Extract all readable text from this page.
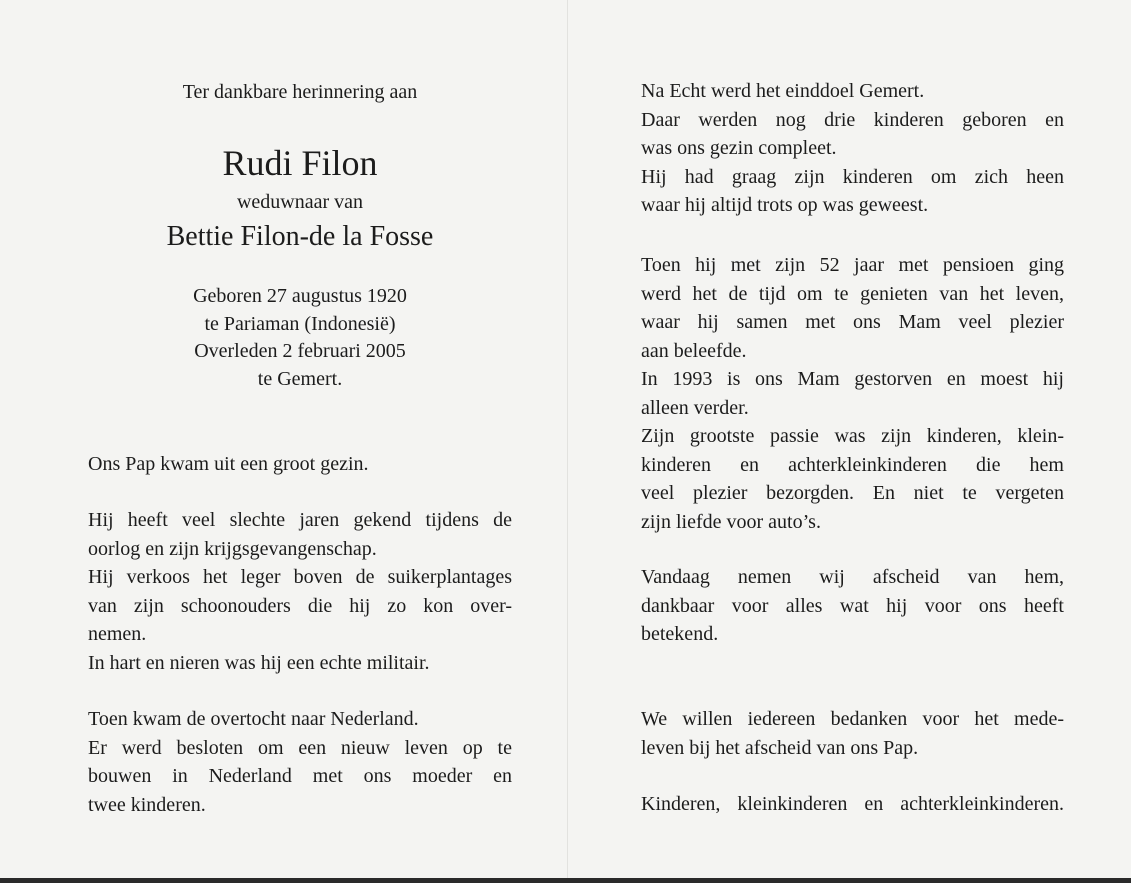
Ter dankbare herinnering aan
Rudi Filon
weduwnaar van
Bettie Filon-de la Fosse
Geboren 27 augustus 1920
te Pariaman (Indonesië)
Overleden 2 februari 2005
te Gemert.
Ons Pap kwam uit een groot gezin.
Hij heeft veel slechte jaren gekend tijdens de
oorlog en zijn krijgsgevangenschap.
Hij verkoos het leger boven de suikerplantages
van zijn schoonouders die hij zo kon over-
nemen.
In hart en nieren was hij een echte militair.
Toen kwam de overtocht naar Nederland.
Er werd besloten om een nieuw leven op te
bouwen in Nederland met ons moeder en
twee kinderen.
Na Echt werd het einddoel Gemert.
Daar werden nog drie kinderen geboren en
was ons gezin compleet.
Hij had graag zijn kinderen om zich heen
waar hij altijd trots op was geweest.
Toen hij met zijn 52 jaar met pensioen ging
werd het de tijd om te genieten van het leven,
waar hij samen met ons Mam veel plezier
aan beleefde.
In 1993 is ons Mam gestorven en moest hij
alleen verder.
Zijn grootste passie was zijn kinderen, klein-
kinderen en achterkleinkinderen die hem
veel plezier bezorgden. En niet te vergeten
zijn liefde voor auto’s.
Vandaag nemen wij afscheid van hem,
dankbaar voor alles wat hij voor ons heeft
betekend.
We willen iedereen bedanken voor het mede-
leven bij het afscheid van ons Pap.
Kinderen, kleinkinderen en achterkleinkinderen.
